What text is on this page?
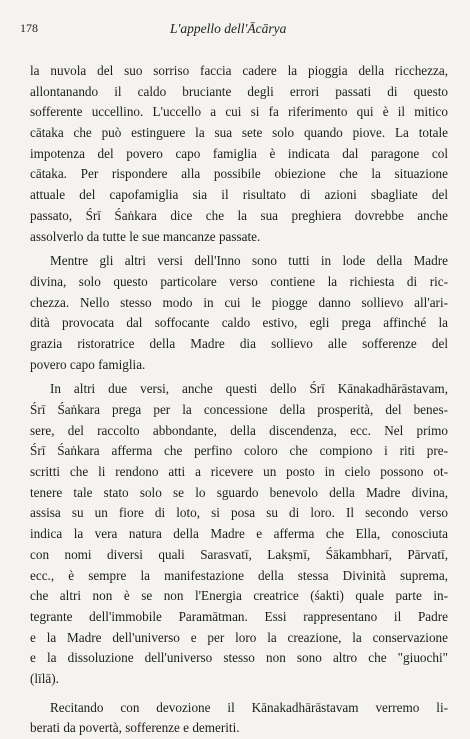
178	L'appello dell'Ācārya
la nuvola del suo sorriso faccia cadere la pioggia della ricchezza,
allontanando il caldo bruciante degli errori passati di questo
sofferente uccellino. L'uccello a cui si fa riferimento qui è il mitico
cātaka che può estinguere la sua sete solo quando piove. La totale
impotenza del povero capo famiglia è indicata dal paragone col
cātaka. Per rispondere alla possibile obiezione che la situazione
attuale del capofamiglia sia il risultato di azioni sbagliate del
passato, Śrī Śaṅkara dice che la sua preghiera dovrebbe anche
assolverlo da tutte le sue mancanze passate.
Mentre gli altri versi dell'Inno sono tutti in lode della Madre
divina, solo questo particolare verso contiene la richiesta di ric-
chezza. Nello stesso modo in cui le piogge danno sollievo all'ari-
dità provocata dal soffocante caldo estivo, egli prega affinché la
grazia ristoratrice della Madre dia sollievo alle sofferenze del
povero capo famiglia.
In altri due versi, anche questi dello Śrī Kānakadhārāstavam,
Śrī Śaṅkara prega per la concessione della prosperità, del benes-
sere, del raccolto abbondante, della discendenza, ecc. Nel primo
Śrī Śaṅkara afferma che perfino coloro che compiono i riti pre-
scritti che li rendono atti a ricevere un posto in cielo possono ot-
tenere tale stato solo se lo sguardo benevolo della Madre divina,
assisa su un fiore di loto, si posa su di loro. Il secondo verso
indica la vera natura della Madre e afferma che Ella, conosciuta
con nomi diversi quali Sarasvatī, Lakṣmī, Śākambharī, Pārvatī,
ecc., è sempre la manifestazione della stessa Divinità suprema,
che altri non è se non l'Energia creatrice (śakti) quale parte in-
tegrante dell'immobile Paramātman. Essi rappresentano il Padre
e la Madre dell'universo e per loro la creazione, la conservazione
e la dissoluzione dell'universo stesso non sono altro che "giuochi"
(līlā).
Recitando con devozione il Kānakadhārāstavam verremo li-
berati da povertà, sofferenze e demeriti.
